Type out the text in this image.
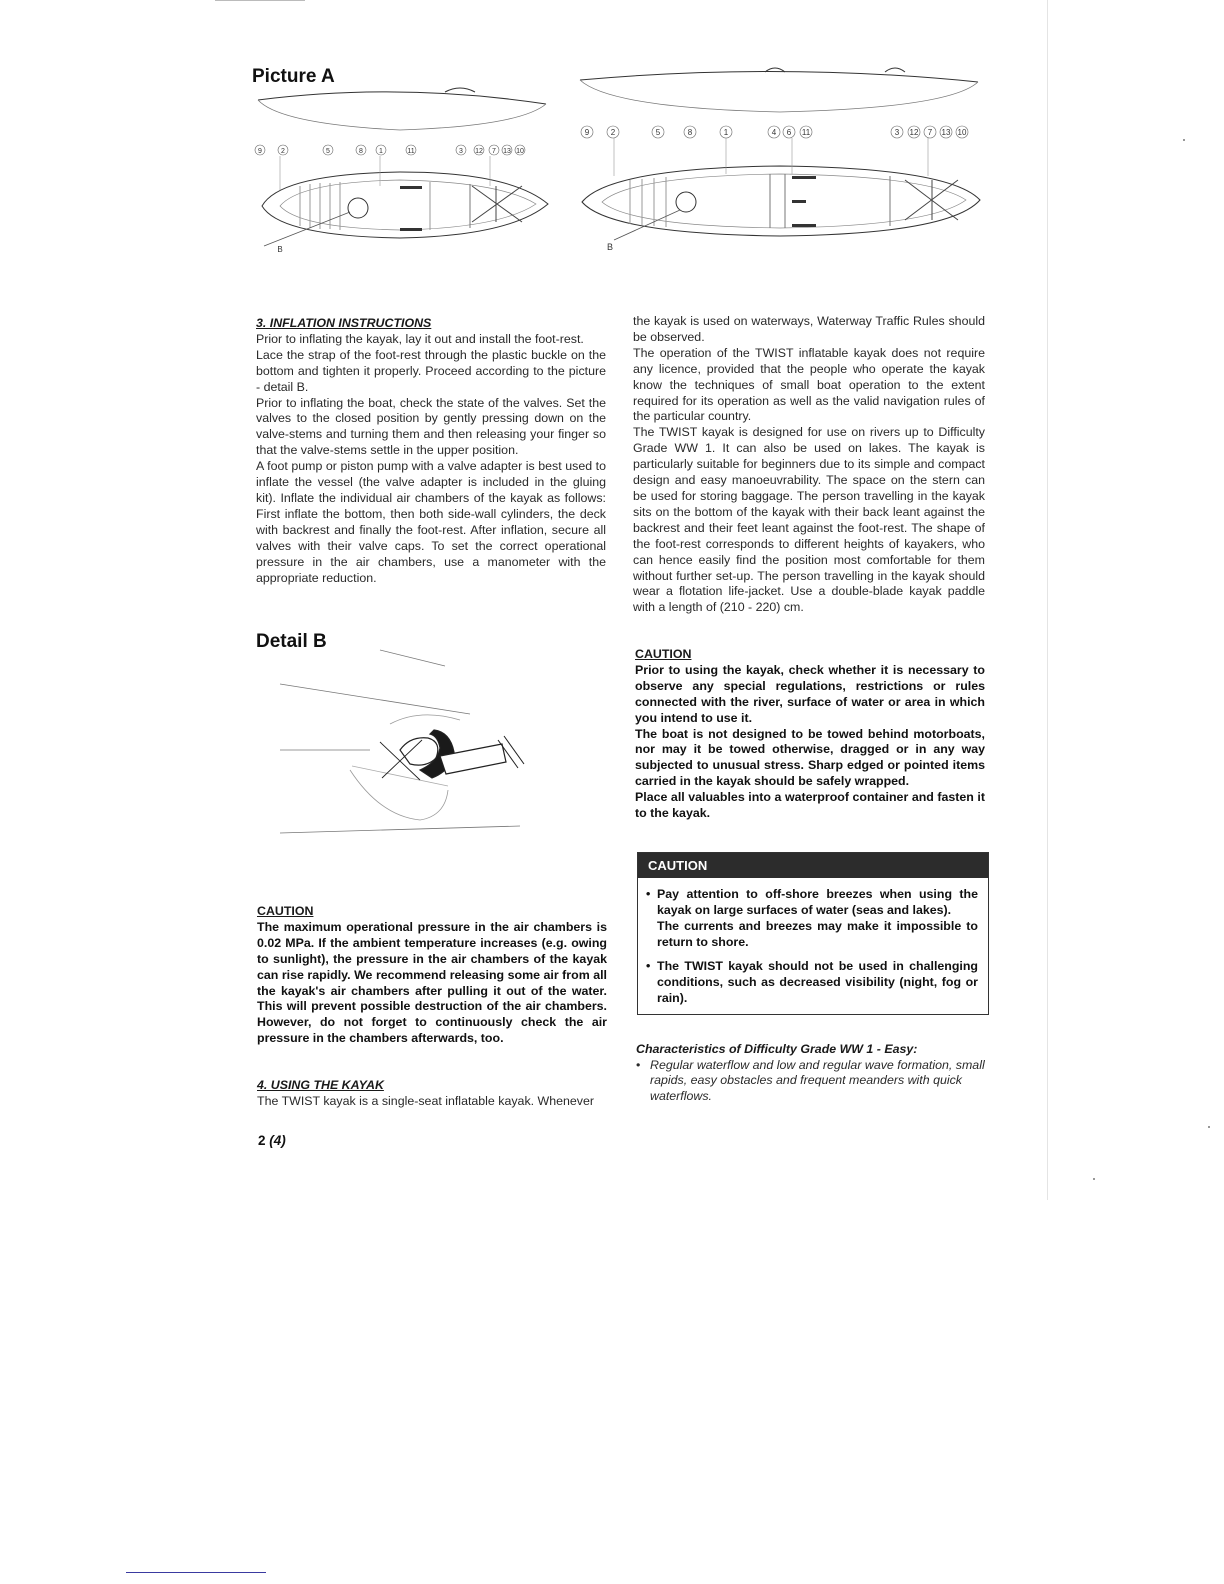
Picture A
9	2	5	8 1	11	3 12 7 13 10
B
9	2	5	8	1	4 6 11	3 12 7 13 10
B

3. INFLATION INSTRUCTIONS

Prior to inflating the kayak, lay it out and install the foot-rest.

Lace the strap of the foot-rest through the plastic buckle on the bottom and tighten it properly. Proceed according to the picture - detail B.

Prior to inflating the boat, check the state of the valves. Set the valves to the closed position by gently pressing down on the valve-stems and turning them and then releasing your finger so that the valve-stems settle in the upper position.

A foot pump or piston pump with a valve adapter is best used to inflate the vessel (the valve adapter is included in the gluing kit). Inflate the individual air chambers of the kayak as follows: First inflate the bottom, then both side-wall cylinders, the deck with backrest and finally the foot-rest. After inflation, secure all valves with their valve caps. To set the correct operational pressure in the air chambers, use a manometer with the appropriate reduction.

Detail B

CAUTION

The maximum operational pressure in the air chambers is 0.02 MPa. If the ambient temperature increases (e.g. owing to sunlight), the pressure in the air chambers of the kayak can rise rapidly. We recommend releasing some air from all the kayak's air chambers after pulling it out of the water. This will prevent possible destruction of the air chambers. However, do not forget to continuously check the air pressure in the chambers afterwards, too.

4. USING THE KAYAK

The TWIST kayak is a single-seat inflatable kayak. Whenever

the kayak is used on waterways, Waterway Traffic Rules should be observed.

The operation of the TWIST inflatable kayak does not require any licence, provided that the people who operate the kayak know the techniques of small boat operation to the extent required for its operation as well as the valid navigation rules of the particular country.

The TWIST kayak is designed for use on rivers up to Difficulty Grade WW 1. It can also be used on lakes. The kayak is particularly suitable for beginners due to its simple and compact design and easy manoeuvrability. The space on the stern can be used for storing baggage. The person travelling in the kayak sits on the bottom of the kayak with their back leant against the backrest and their feet leant against the foot-rest. The shape of the foot-rest corresponds to different heights of kayakers, who can hence easily find the position most comfortable for them without further set-up. The person travelling in the kayak should wear a flotation life-jacket. Use a double-blade kayak paddle with a length of (210 - 220) cm.

CAUTION

Prior to using the kayak, check whether it is necessary to observe any special regulations, restrictions or rules connected with the river, surface of water or area in which you intend to use it.

The boat is not designed to be towed behind motorboats, nor may it be towed otherwise, dragged or in any way subjected to unusual stress. Sharp edged or pointed items carried in the kayak should be safely wrapped.

Place all valuables into a waterproof container and fasten it to the kayak.

CAUTION
• Pay attention to off-shore breezes when using the kayak on large surfaces of water (seas and lakes).
The currents and breezes may make it impossible to return to shore.
• The TWIST kayak should not be used in challenging conditions, such as decreased visibility (night, fog or rain).
Characteristics of Difficulty Grade WW 1 - Easy:
• Regular waterflow and low and regular wave formation, small rapids, easy obstacles and frequent meanders with quick waterflows.
2 (4)
